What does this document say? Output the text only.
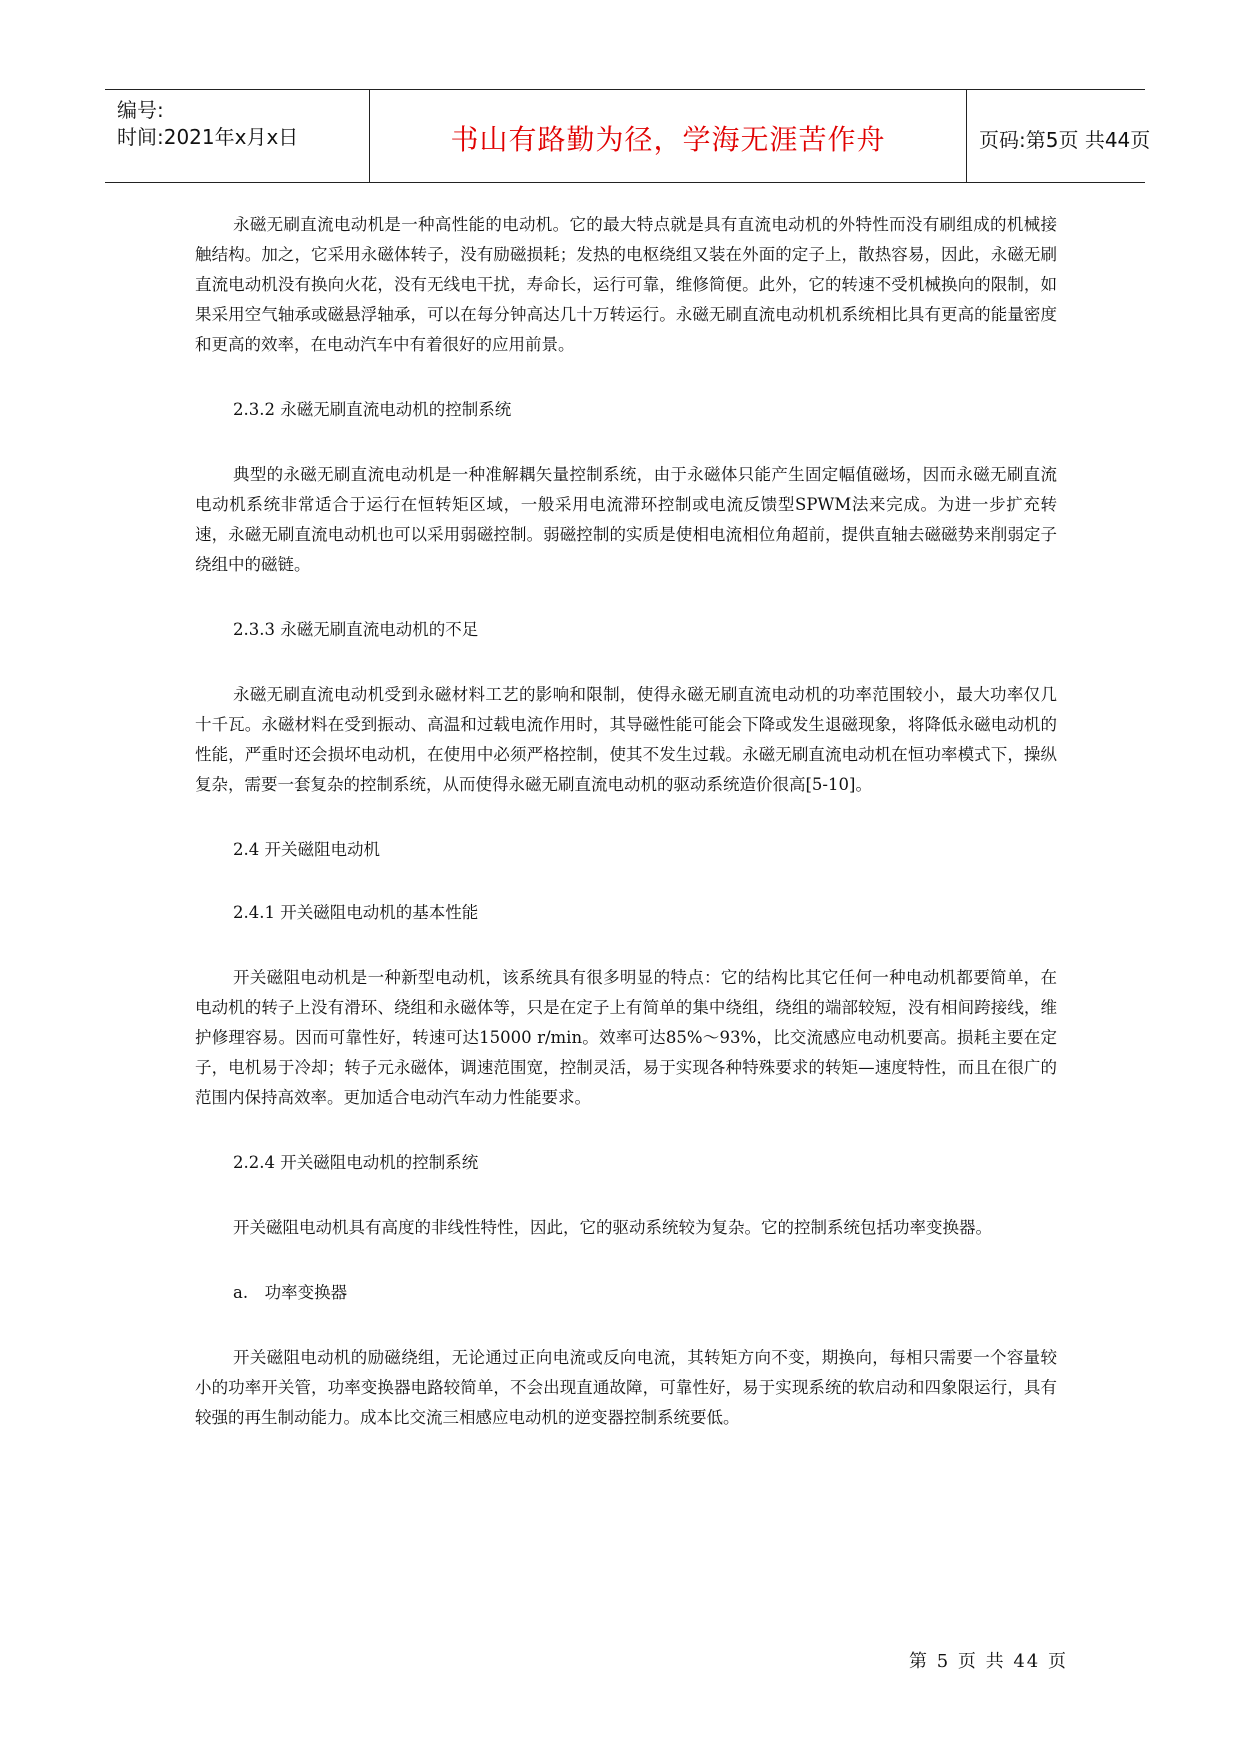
编号:
时间:2021年x月x日	书山有路勤为径，学海无涯苦作舟	页码:第5页 共44页

永磁无刷直流电动机是一种高性能的电动机。它的最大特点就是具有直流电动机的外特性而没有刷组成的机械接触结构。加之，它采用永磁体转子，没有励磁损耗；发热的电枢绕组又装在外面的定子上，散热容易，因此，永磁无刷直流电动机没有换向火花，没有无线电干扰，寿命长，运行可靠，维修简便。此外，它的转速不受机械换向的限制，如果采用空气轴承或磁悬浮轴承，可以在每分钟高达几十万转运行。永磁无刷直流电动机机系统相比具有更高的能量密度和更高的效率，在电动汽车中有着很好的应用前景。

2.3.2 永磁无刷直流电动机的控制系统

典型的永磁无刷直流电动机是一种准解耦矢量控制系统，由于永磁体只能产生固定幅值磁场，因而永磁无刷直流电动机系统非常适合于运行在恒转矩区域，一般采用电流滞环控制或电流反馈型SPWM法来完成。为进一步扩充转速，永磁无刷直流电动机也可以采用弱磁控制。弱磁控制的实质是使相电流相位角超前，提供直轴去磁磁势来削弱定子绕组中的磁链。

2.3.3 永磁无刷直流电动机的不足

永磁无刷直流电动机受到永磁材料工艺的影响和限制，使得永磁无刷直流电动机的功率范围较小，最大功率仅几十千瓦。永磁材料在受到振动、高温和过载电流作用时，其导磁性能可能会下降或发生退磁现象，将降低永磁电动机的性能，严重时还会损坏电动机，在使用中必须严格控制，使其不发生过载。永磁无刷直流电动机在恒功率模式下，操纵复杂，需要一套复杂的控制系统，从而使得永磁无刷直流电动机的驱动系统造价很高[5-10]。

2.4 开关磁阻电动机

2.4.1 开关磁阻电动机的基本性能

开关磁阻电动机是一种新型电动机，该系统具有很多明显的特点：它的结构比其它任何一种电动机都要简单，在电动机的转子上没有滑环、绕组和永磁体等，只是在定子上有简单的集中绕组，绕组的端部较短，没有相间跨接线，维护修理容易。因而可靠性好，转速可达15000 r/min。效率可达85%～93%，比交流感应电动机要高。损耗主要在定子，电机易于冷却；转子元永磁体，调速范围宽，控制灵活，易于实现各种特殊要求的转矩—速度特性，而且在很广的范围内保持高效率。更加适合电动汽车动力性能要求。

2.2.4 开关磁阻电动机的控制系统

开关磁阻电动机具有高度的非线性特性，因此，它的驱动系统较为复杂。它的控制系统包括功率变换器。

a.　功率变换器

开关磁阻电动机的励磁绕组，无论通过正向电流或反向电流，其转矩方向不变，期换向，每相只需要一个容量较小的功率开关管，功率变换器电路较简单，不会出现直通故障，可靠性好，易于实现系统的软启动和四象限运行，具有较强的再生制动能力。成本比交流三相感应电动机的逆变器控制系统要低。

第 5 页 共 44 页
